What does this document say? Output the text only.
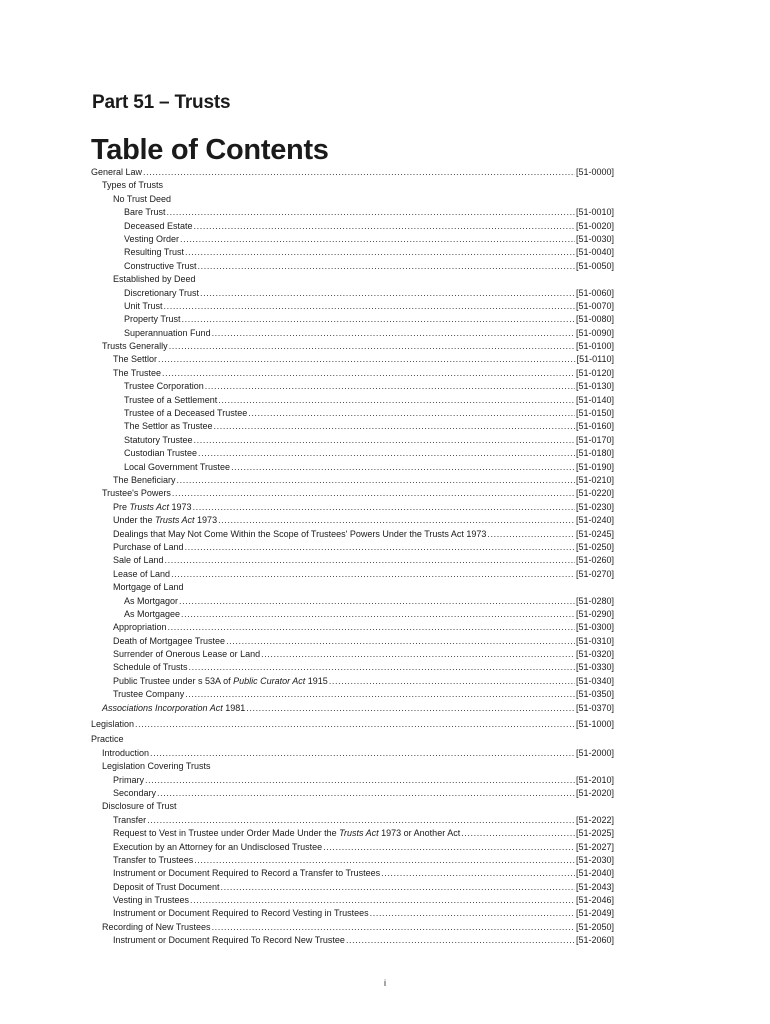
Part 51 – Trusts
Table of Contents
General Law .....	[51-0000]
Types of Trusts
No Trust Deed
Bare Trust .....	[51-0010]
Deceased Estate .....	[51-0020]
Vesting Order .....	[51-0030]
Resulting Trust .....	[51-0040]
Constructive Trust .....	[51-0050]
Established by Deed
Discretionary Trust .....	[51-0060]
Unit Trust .....	[51-0070]
Property Trust .....	[51-0080]
Superannuation Fund .....	[51-0090]
Trusts Generally .....	[51-0100]
The Settlor .....	[51-0110]
The Trustee .....	[51-0120]
Trustee Corporation .....	[51-0130]
Trustee of a Settlement .....	[51-0140]
Trustee of a Deceased Trustee .....	[51-0150]
The Settlor as Trustee .....	[51-0160]
Statutory Trustee .....	[51-0170]
Custodian Trustee .....	[51-0180]
Local Government Trustee .....	[51-0190]
The Beneficiary .....	[51-0210]
Trustee's Powers .....	[51-0220]
Pre Trusts Act 1973 .....	[51-0230]
Under the Trusts Act 1973 .....	[51-0240]
Dealings that May Not Come Within the Scope of Trustees' Powers Under the Trusts Act 1973 .....	[51-0245]
Purchase of Land .....	[51-0250]
Sale of Land .....	[51-0260]
Lease of Land .....	[51-0270]
Mortgage of Land
As Mortgagor .....	[51-0280]
As Mortgagee .....	[51-0290]
Appropriation .....	[51-0300]
Death of Mortgagee Trustee .....	[51-0310]
Surrender of Onerous Lease or Land .....	[51-0320]
Schedule of Trusts .....	[51-0330]
Public Trustee under s 53A of Public Curator Act 1915 .....	[51-0340]
Trustee Company .....	[51-0350]
Associations Incorporation Act 1981 .....	[51-0370]
Legislation .....	[51-1000]
Practice
Introduction .....	[51-2000]
Legislation Covering Trusts
Primary .....	[51-2010]
Secondary .....	[51-2020]
Disclosure of Trust
Transfer .....	[51-2022]
Request to Vest in Trustee under Order Made Under the Trusts Act 1973 or Another Act .....	[51-2025]
Execution by an Attorney for an Undisclosed Trustee .....	[51-2027]
Transfer to Trustees .....	[51-2030]
Instrument or Document Required to Record a Transfer to Trustees .....	[51-2040]
Deposit of Trust Document .....	[51-2043]
Vesting in Trustees .....	[51-2046]
Instrument or Document Required to Record Vesting in Trustees .....	[51-2049]
Recording of New Trustees .....	[51-2050]
Instrument or Document Required To Record New Trustee .....	[51-2060]
i
